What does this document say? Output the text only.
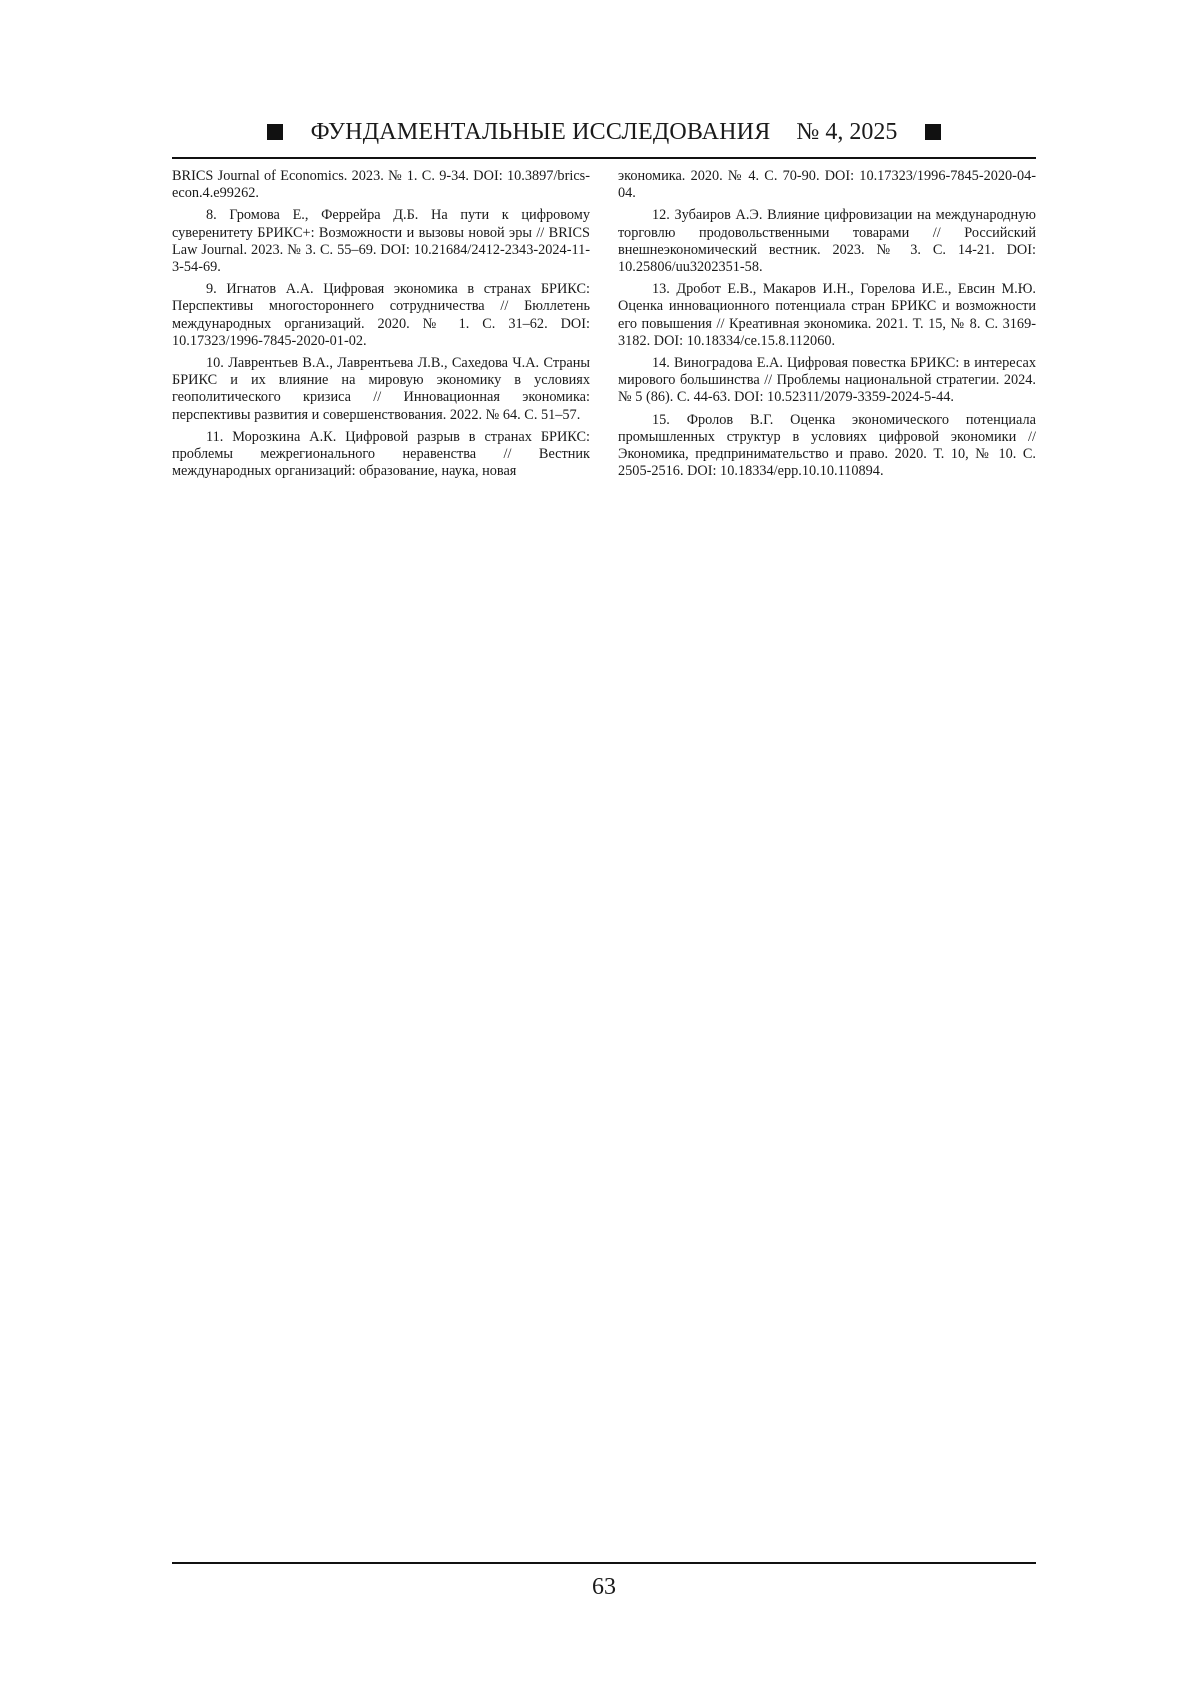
ФУНДАМЕНТАЛЬНЫЕ ИССЛЕДОВАНИЯ № 4, 2025

BRICS Journal of Economics. 2023. № 1. С. 9-34. DOI: 10.3897/brics-econ.4.e99262.

8. Громова Е., Феррейра Д.Б. На пути к цифровому суверенитету БРИКС+: Возможности и вызовы новой эры // BRICS Law Journal. 2023. № 3. С. 55–69. DOI: 10.21684/2412-2343-2024-11-3-54-69.

9. Игнатов А.А. Цифровая экономика в странах БРИКС: Перспективы многостороннего сотрудничества // Бюллетень международных организаций. 2020. № 1. С. 31–62. DOI: 10.17323/1996-7845-2020-01-02.

10. Лаврентьев В.А., Лаврентьева Л.В., Сахедова Ч.А. Страны БРИКС и их влияние на мировую экономику в условиях геополитического кризиса // Инновационная экономика: перспективы развития и совершенствования. 2022. № 64. С. 51–57.

11. Морозкина А.К. Цифровой разрыв в странах БРИКС: проблемы межрегионального неравенства // Вестник международных организаций: образование, наука, новая

экономика. 2020. № 4. С. 70-90. DOI: 10.17323/1996-7845-2020-04-04.

12. Зубаиров А.Э. Влияние цифровизации на международную торговлю продовольственными товарами // Российский внешнеэкономический вестник. 2023. № 3. С. 14-21. DOI: 10.25806/uu3202351-58.

13. Дробот Е.В., Макаров И.Н., Горелова И.Е., Евсин М.Ю. Оценка инновационного потенциала стран БРИКС и возможности его повышения // Креативная экономика. 2021. Т. 15, № 8. С. 3169-3182. DOI: 10.18334/ce.15.8.112060.

14. Виноградова Е.А. Цифровая повестка БРИКС: в интересах мирового большинства // Проблемы национальной стратегии. 2024. № 5 (86). С. 44-63. DOI: 10.52311/2079-3359-2024-5-44.

15. Фролов В.Г. Оценка экономического потенциала промышленных структур в условиях цифровой экономики // Экономика, предпринимательство и право. 2020. Т. 10, № 10. С. 2505-2516. DOI: 10.18334/epp.10.10.110894.

63
